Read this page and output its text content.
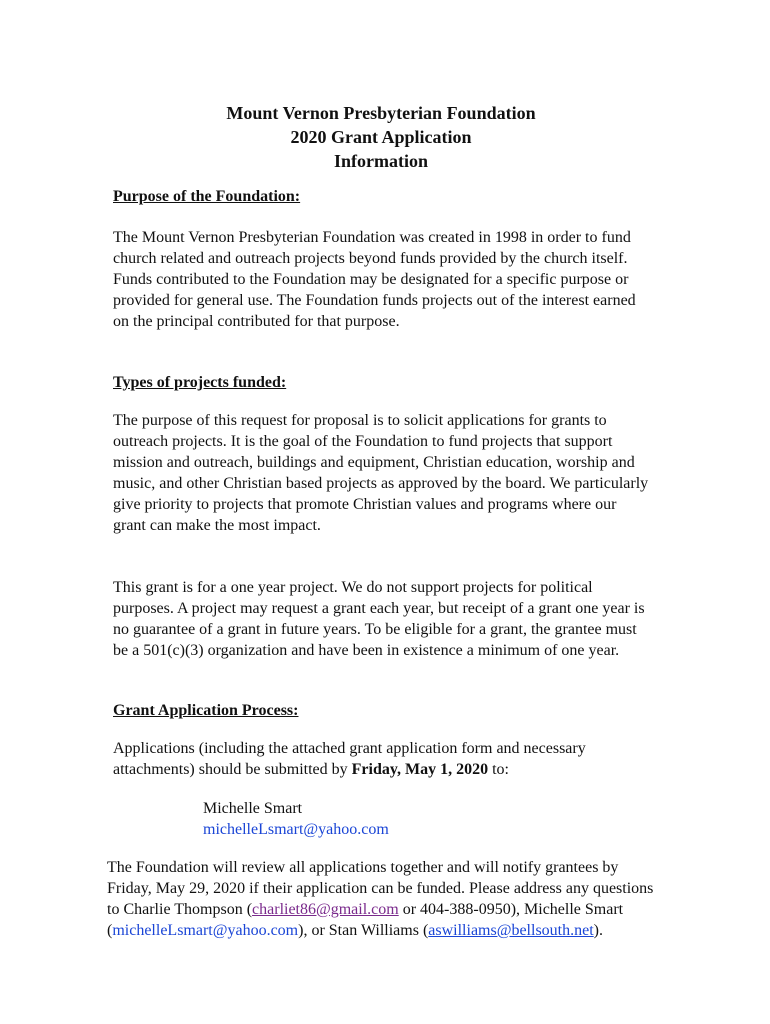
Mount Vernon Presbyterian Foundation
2020 Grant Application
Information
Purpose of the Foundation:
The Mount Vernon Presbyterian Foundation was created in 1998 in order to fund church related and outreach projects beyond funds provided by the church itself. Funds contributed to the Foundation may be designated for a specific purpose or provided for general use. The Foundation funds projects out of the interest earned on the principal contributed for that purpose.
Types of projects funded:
The purpose of this request for proposal is to solicit applications for grants to outreach projects. It is the goal of the Foundation to fund projects that support mission and outreach, buildings and equipment, Christian education, worship and music, and other Christian based projects as approved by the board. We particularly give priority to projects that promote Christian values and programs where our grant can make the most impact.
This grant is for a one year project. We do not support projects for political purposes. A project may request a grant each year, but receipt of a grant one year is no guarantee of a grant in future years. To be eligible for a grant, the grantee must be a 501(c)(3) organization and have been in existence a minimum of one year.
Grant Application Process:
Applications (including the attached grant application form and necessary attachments) should be submitted by Friday, May 1, 2020 to:
Michelle Smart
michelleLsmart@yahoo.com
The Foundation will review all applications together and will notify grantees by Friday, May 29, 2020 if their application can be funded. Please address any questions to Charlie Thompson (charliet86@gmail.com or 404-388-0950), Michelle Smart (michelleLsmart@yahoo.com), or Stan Williams (aswilliams@bellsouth.net).
